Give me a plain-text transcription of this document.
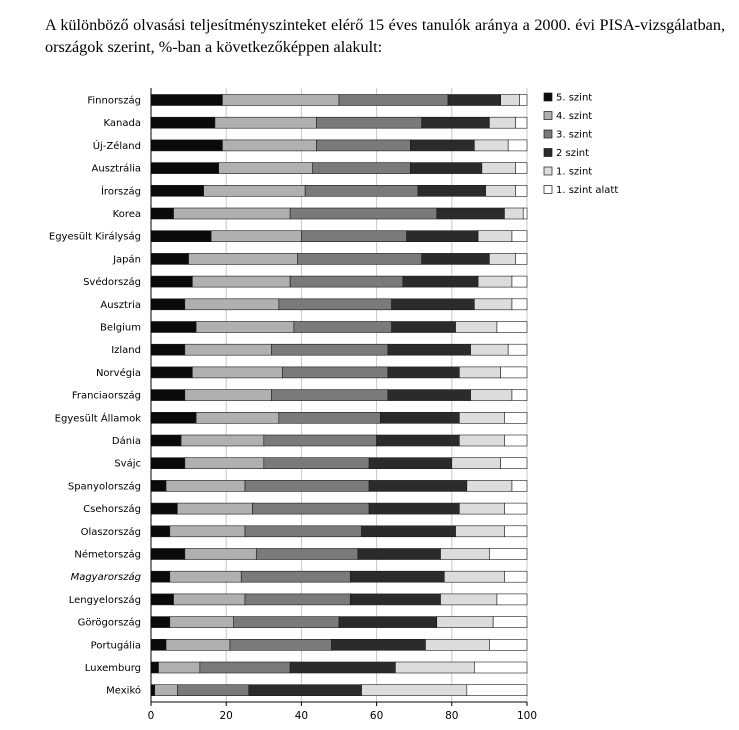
A különböző olvasási teljesítményszinteket elérő 15 éves tanulók aránya a 2000. évi PISA-vizsgálatban, országok szerint, %-ban a következőképpen alakult:
Finnország
Kanada
Új-Zéland
Ausztrália
Írország
Korea
Egyesült Királyság
Japán
Svédország
Ausztria
Belgium
Izland
Norvégia
Franciaország
Egyesült Államok
Dánia
Svájc
Spanyolország
Csehország
Olaszország
Németország
Magyarország
Lengyelország
Görögország
Portugália
Luxemburg
Mexikó
0	20	40	60	80	100
5. szint
4. szint
3. szint
2 szint
1. szint
1. szint alatt
